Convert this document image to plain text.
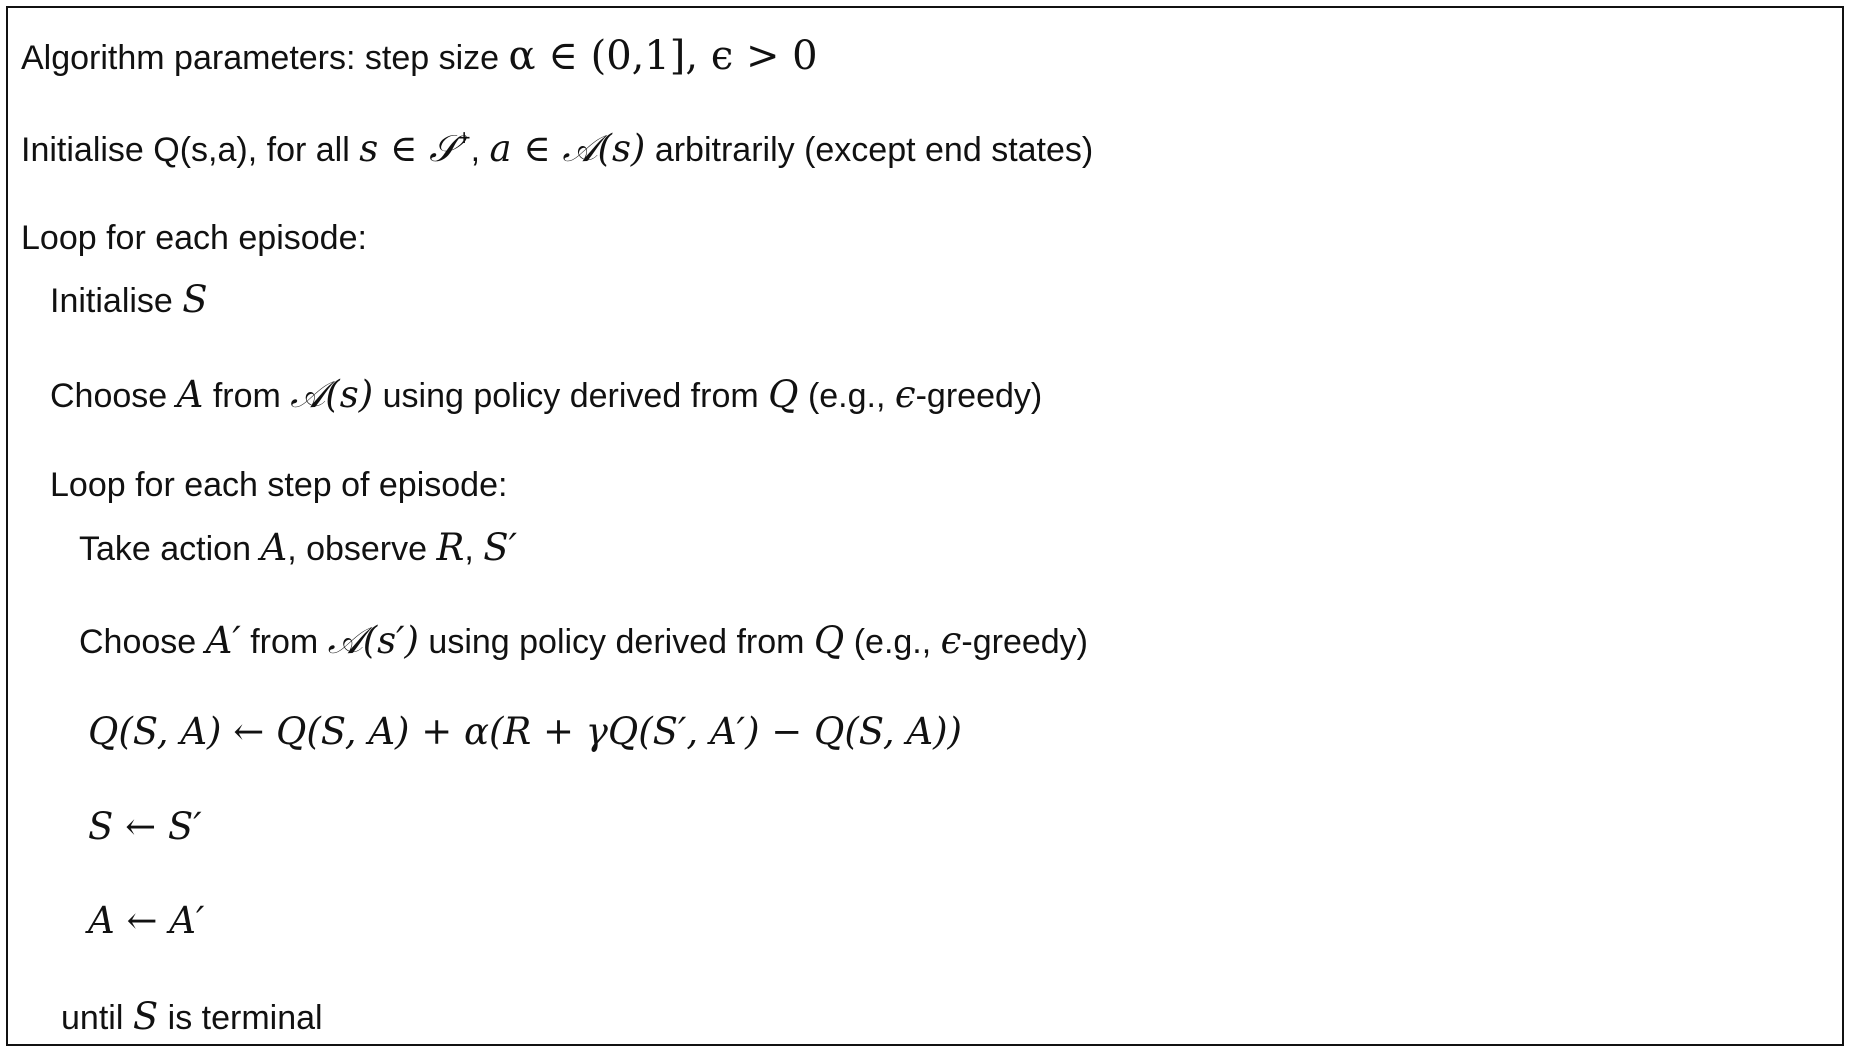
Algorithm parameters: step size α ∈ (0,1], ϵ > 0
Initialise Q(s,a), for all s ∈ 𝒮+, a ∈ 𝒜(s) arbitrarily (except end states)
Loop for each episode:
Initialise S
Choose A from 𝒜(s) using policy derived from Q (e.g., ϵ-greedy)
Loop for each step of episode:
Take action A, observe R, S′
Choose A′ from 𝒜(s′) using policy derived from Q (e.g., ϵ-greedy)
Q(S, A) ← Q(S, A) + α(R + γQ(S′, A′) − Q(S, A))
S ← S′
A ← A′
until S is terminal
